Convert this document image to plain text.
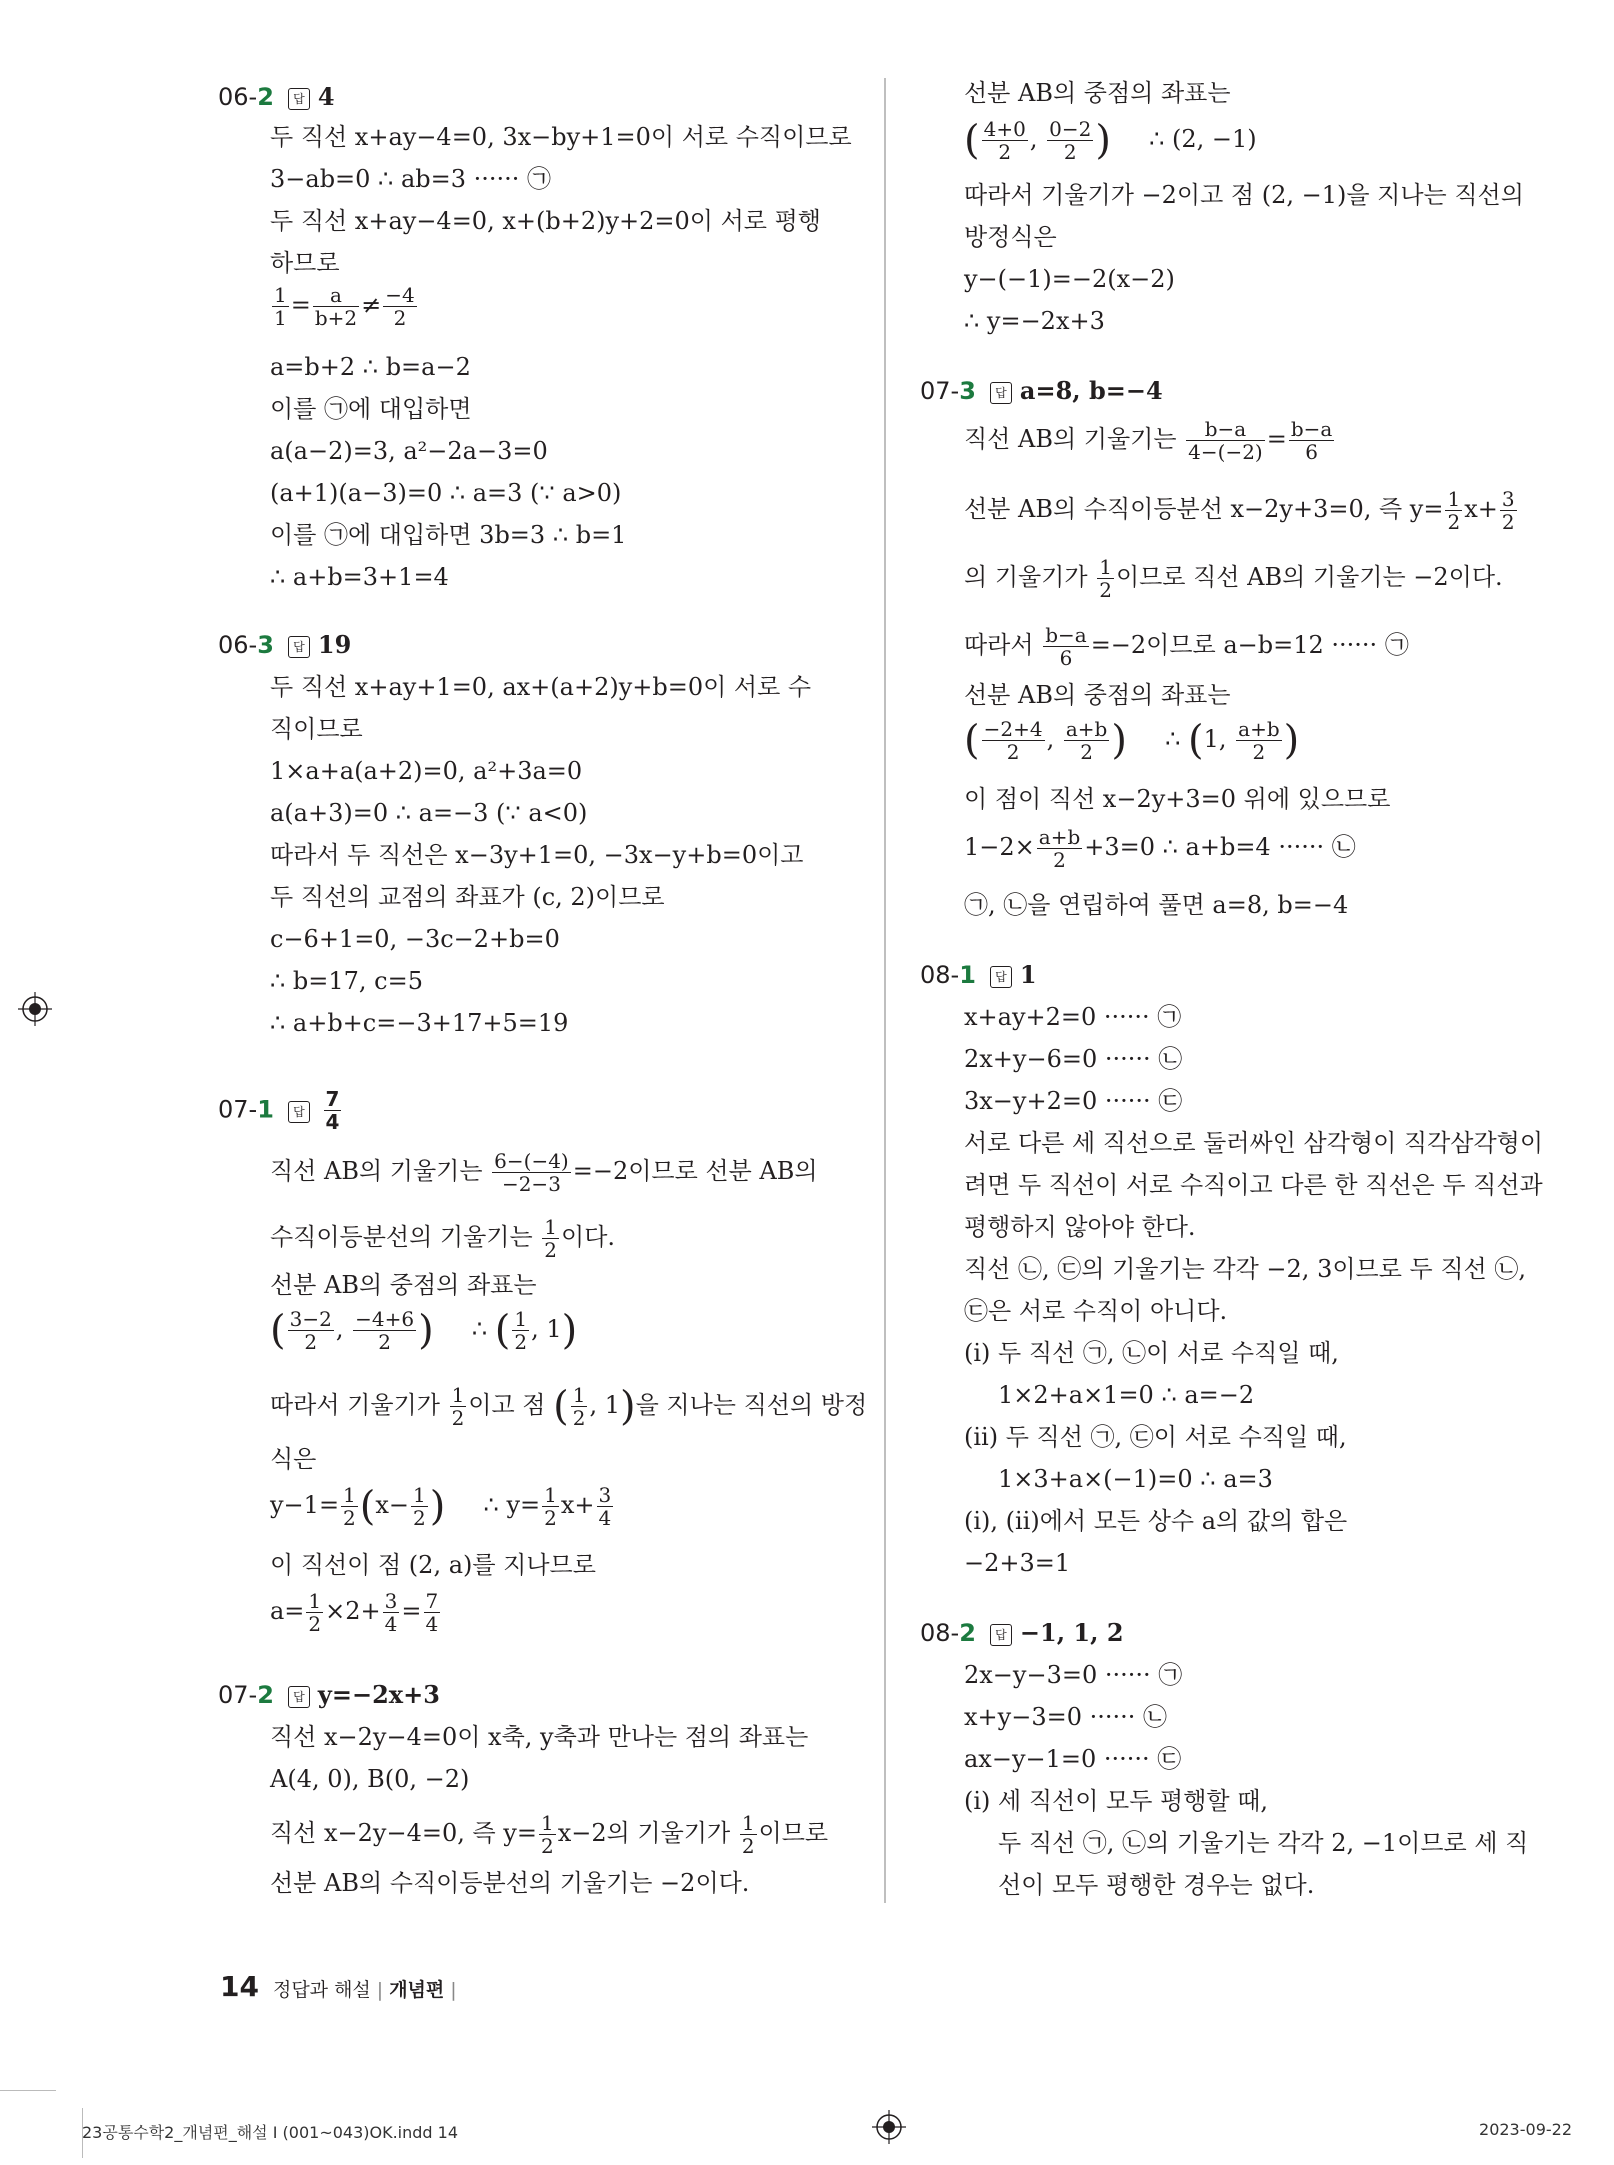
06-2 답 4
두 직선 x+ay−4=0, 3x−by+1=0이 서로 수직이므로
3−ab=0 ∴ ab=3 ······ ㉠
두 직선 x+ay−4=0, x+(b+2)y+2=0이 서로 평행
하므로
$\frac{1}{1} = \frac{a}{b+2} \ne \frac{-4}{2}$
a=b+2 ∴ b=a−2
이를 ㉠에 대입하면
a(a−2)=3, a²−2a−3=0
(a+1)(a−3)=0 ∴ a=3 (∵ a>0)
이를 ㉠에 대입하면 3b=3 ∴ b=1
∴ a+b=3+1=4
06-3 답 19
두 직선 x+ay+1=0, ax+(a+2)y+b=0이 서로 수
직이므로
1×a+a(a+2)=0, a²+3a=0
a(a+3)=0 ∴ a=−3 (∵ a<0)
따라서 두 직선은 x−3y+1=0, −3x−y+b=0이고
두 직선의 교점의 좌표가 (c, 2)이므로
c−6+1=0, −3c−2+b=0
∴ b=17, c=5
∴ a+b+c=−3+17+5=19
07-1 답 $\frac{7}{4}$
직선 AB의 기울기는 $\frac{6-(-4)}{-2-3} =-2$이므로 선분 AB의
수직이등분선의 기울기는 $\frac{1}{2}$ 이다.
선분 AB의 중점의 좌표는
( $\frac{3-2}{2}$ , $\frac{-4+6}{2}$ ) ∴ ( $\frac{1}{2}$ , 1)
따라서 기울기가 $\frac{1}{2}$ 이고 점 ( $\frac{1}{2}$ , 1)을 지나는 직선의 방정
식은
$y-1= \frac{1}{2} (x- \frac{1}{2}$ ) ∴ $y= \frac{1}{2} x+ \frac{3}{4}$
이 직선이 점 (2, a)를 지나므로
$a= \frac{1}{2} \times 2+ \frac{3}{4} = \frac{7}{4}$
07-2 답 y=−2x+3
직선 x−2y−4=0이 x축, y축과 만나는 점의 좌표는
A(4, 0), B(0, −2)
직선 x−2y−4=0, 즉 $y= \frac{1}{2} x-2$의 기울기가 $\frac{1}{2}$ 이므로
선분 AB의 수직이등분선의 기울기는 −2이다.
선분 AB의 중점의 좌표는
( $\frac{4+0}{2}$ , $\frac{0-2}{2}$ ) ∴ (2, −1)
따라서 기울기가 −2이고 점 (2, −1)을 지나는 직선의
방정식은
y−(−1)=−2(x−2)
∴ y=−2x+3
07-3 답 a=8, b=−4
직선 AB의 기울기는 $\frac{b-a}{4-(-2)} = \frac{b-a}{6}$
선분 AB의 수직이등분선 x−2y+3=0, 즉 $y= \frac{1}{2} x+ \frac{3}{2}$
의 기울기가 $\frac{1}{2}$ 이므로 직선 AB의 기울기는 −2이다.
따라서 $\frac{b-a}{6} =-2$이므로 a−b=12 ······ ㉠
선분 AB의 중점의 좌표는
( $\frac{-2+4}{2}$ , $\frac{a+b}{2}$ ) ∴ (1, $\frac{a+b}{2}$ )
이 점이 직선 x−2y+3=0 위에 있으므로
$1-2\times \frac{a+b}{2} +3=0$ ∴ a+b=4 ······ ㉡
㉠, ㉡을 연립하여 풀면 a=8, b=−4
08-1 답 1
x+ay+2=0 ······ ㉠
2x+y−6=0 ······ ㉡
3x−y+2=0 ······ ㉢
서로 다른 세 직선으로 둘러싸인 삼각형이 직각삼각형이
려면 두 직선이 서로 수직이고 다른 한 직선은 두 직선과
평행하지 않아야 한다.
직선 ㉡, ㉢의 기울기는 각각 −2, 3이므로 두 직선 ㉡,
㉢은 서로 수직이 아니다.
(ⅰ) 두 직선 ㉠, ㉡이 서로 수직일 때,
1×2+a×1=0 ∴ a=−2
(ⅱ) 두 직선 ㉠, ㉢이 서로 수직일 때,
1×3+a×(−1)=0 ∴ a=3
(ⅰ), (ⅱ)에서 모든 상수 a의 값의 합은
−2+3=1
08-2 답 −1, 1, 2
2x−y−3=0 ······ ㉠
x+y−3=0 ······ ㉡
ax−y−1=0 ······ ㉢
(ⅰ) 세 직선이 모두 평행할 때,
두 직선 ㉠, ㉡의 기울기는 각각 2, −1이므로 세 직
선이 모두 평행한 경우는 없다.
14 정답과 해설 | 개념편 |
23공통수학2_개념편_해설 I (001~043)OK.indd 14	2023-09-22
